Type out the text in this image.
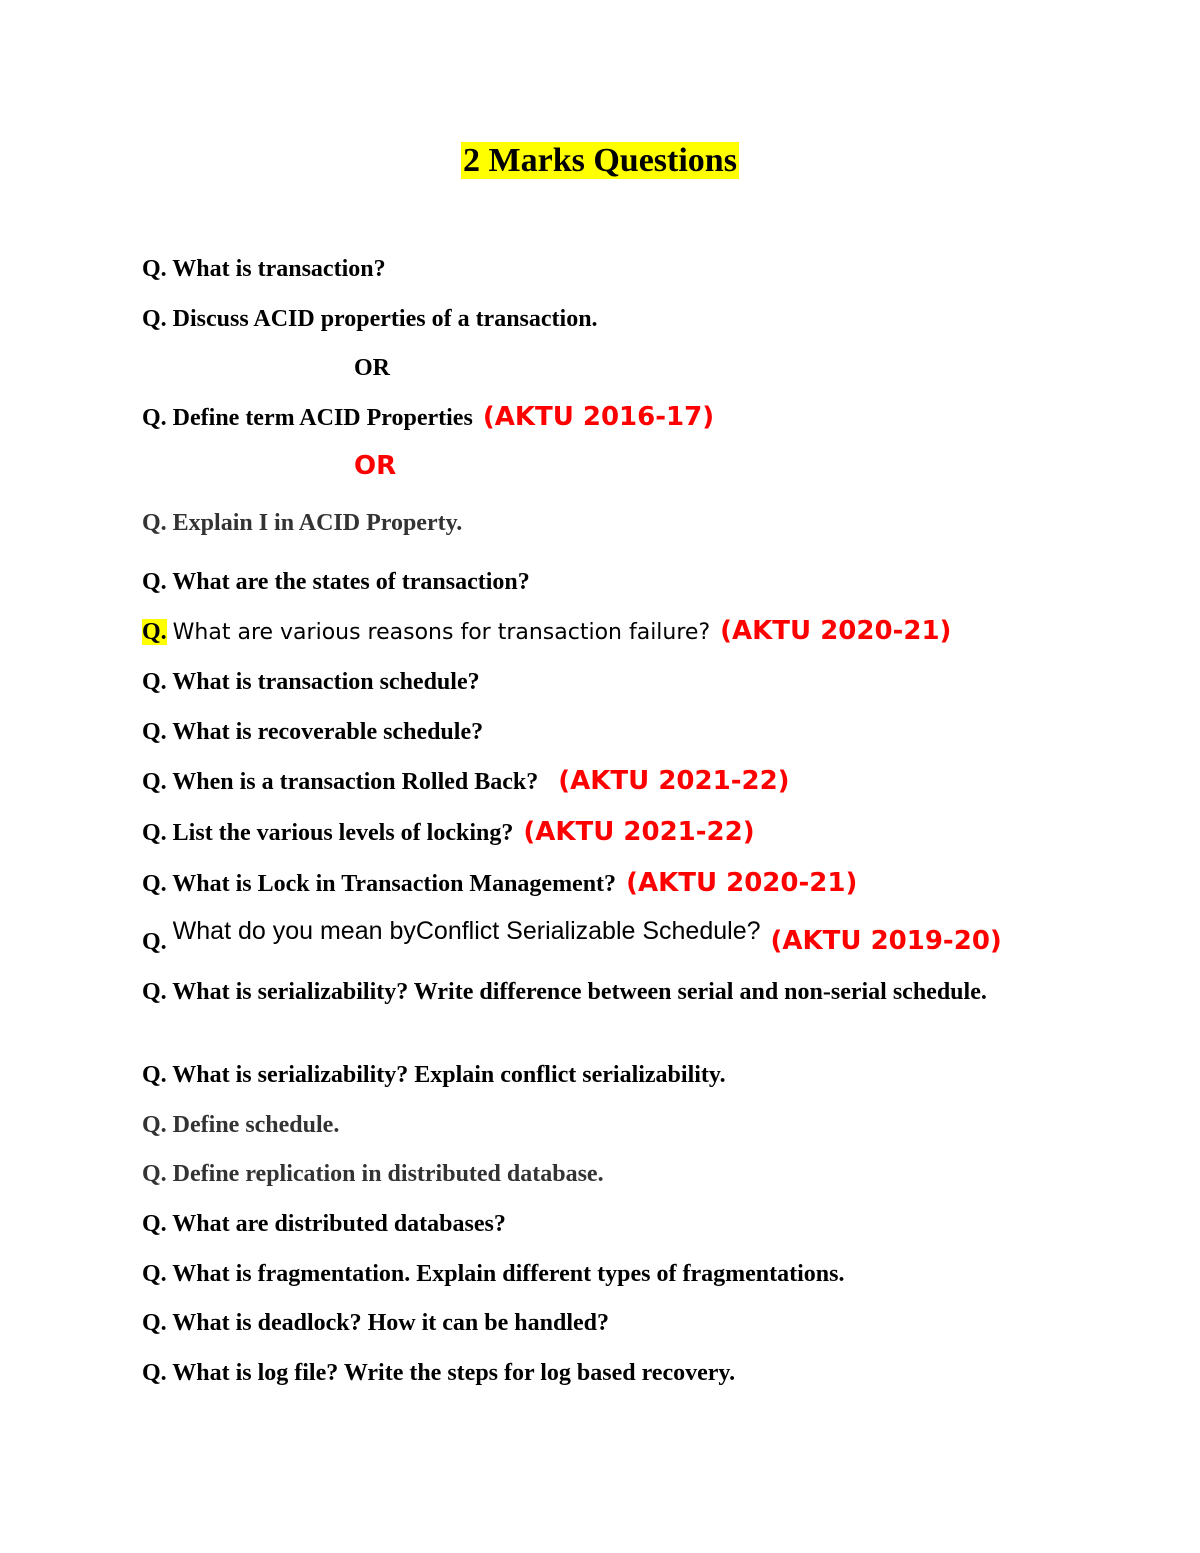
2 Marks Questions
Q. What is transaction?
Q. Discuss ACID properties of a transaction.
OR
Q. Define term ACID Properties (AKTU 2016-17)
OR
Q. Explain I in ACID Property.
Q. What are the states of transaction?
Q. What are various reasons for transaction failure? (AKTU 2020-21)
Q. What is transaction schedule?
Q. What is recoverable schedule?
Q. When is a transaction Rolled Back? (AKTU 2021-22)
Q. List the various levels of locking? (AKTU 2021-22)
Q. What is Lock in Transaction Management? (AKTU 2020-21)
Q. What do you mean byConflict Serializable Schedule? (AKTU 2019-20)
Q. What is serializability? Write difference between serial and non-serial schedule.
Q. What is serializability? Explain conflict serializability.
Q. Define schedule.
Q. Define replication in distributed database.
Q. What are distributed databases?
Q. What is fragmentation. Explain different types of fragmentations.
Q. What is deadlock? How it can be handled?
Q. What is log file? Write the steps for log based recovery.
